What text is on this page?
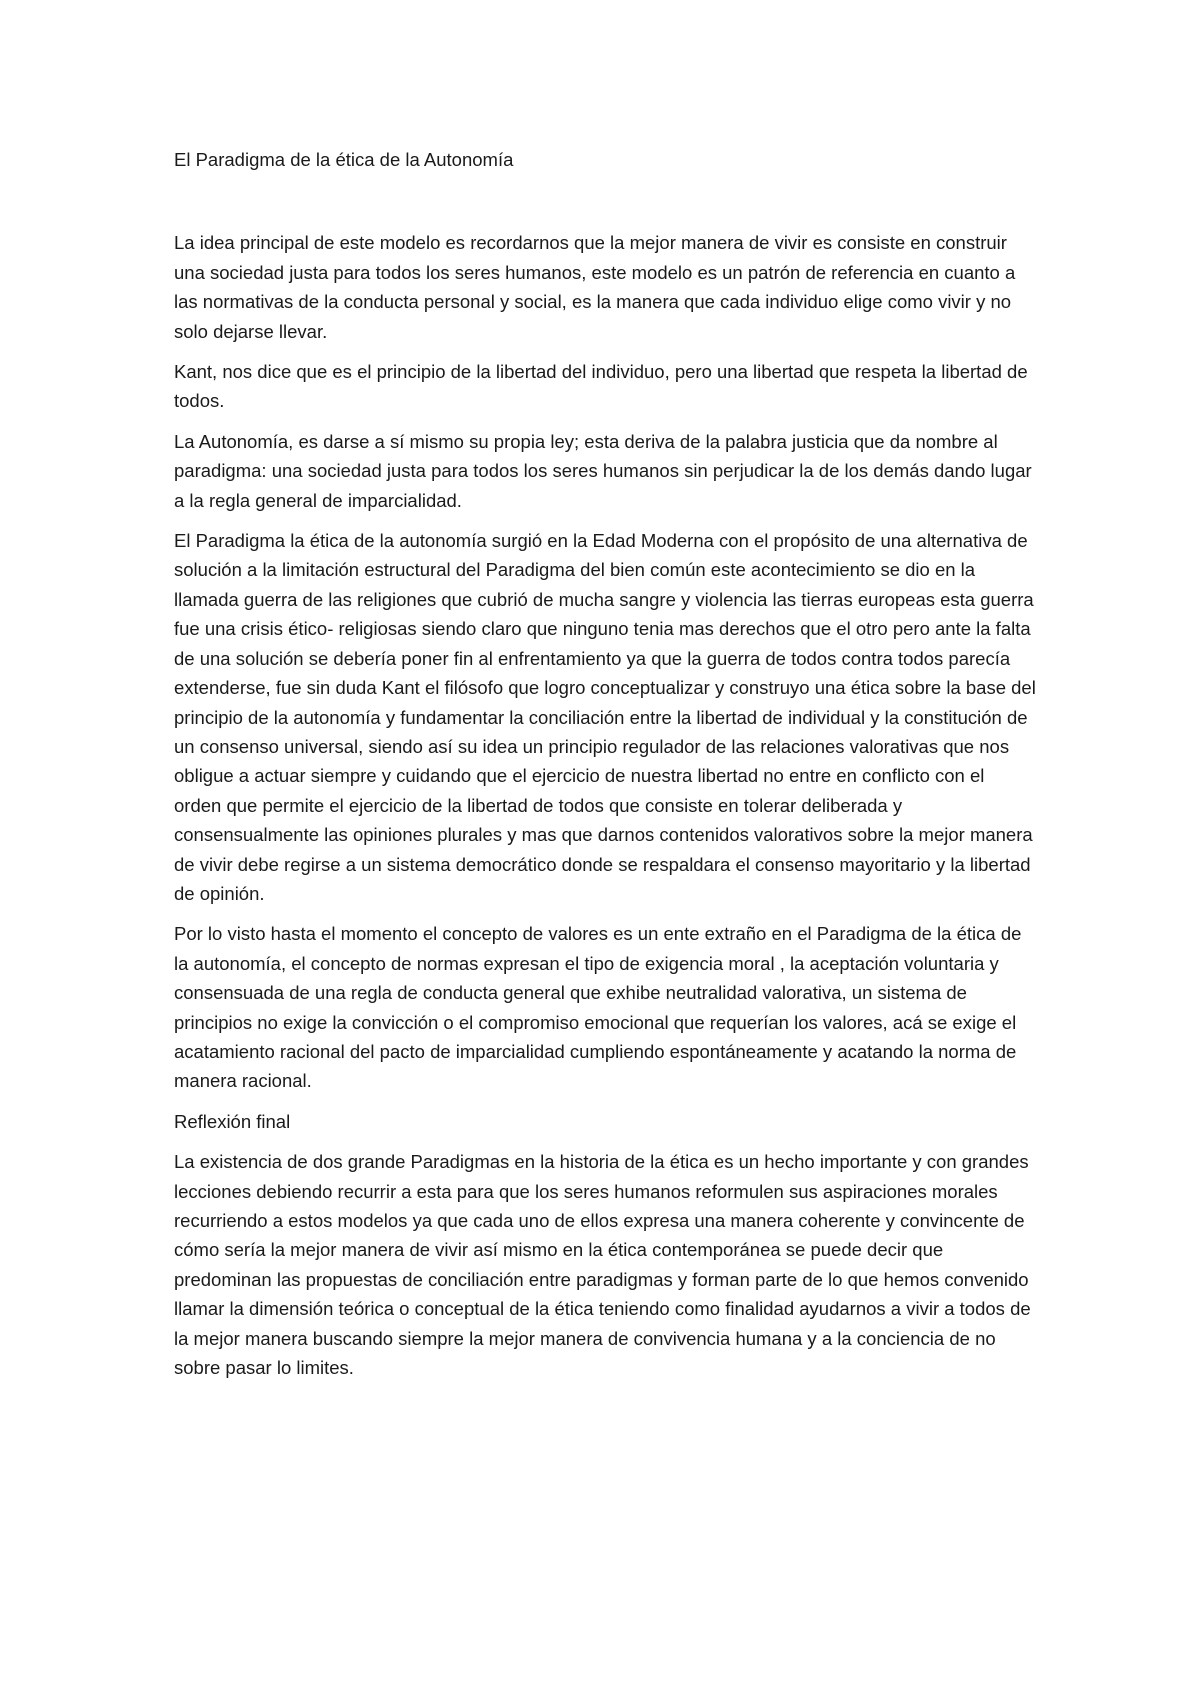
El Paradigma de la ética de la Autonomía

La idea principal de este modelo es recordarnos que la mejor manera de vivir es consiste en construir una sociedad justa para todos los seres humanos, este modelo es un patrón de referencia en cuanto a las normativas de la conducta personal y social, es la manera que cada individuo elige como vivir y no solo dejarse llevar.

Kant, nos dice que es el principio de la libertad del individuo, pero una libertad que respeta la libertad de todos.

La Autonomía, es darse a sí mismo su propia ley; esta deriva de la palabra justicia que da nombre al paradigma: una sociedad justa para todos los seres humanos sin perjudicar la de los demás dando lugar a la regla general de imparcialidad.

El Paradigma la ética de la autonomía surgió en la Edad Moderna con el propósito de una alternativa de solución a la limitación estructural del Paradigma del bien común este acontecimiento se dio en la llamada guerra de las religiones que cubrió de mucha sangre y violencia las tierras europeas esta guerra fue una crisis ético- religiosas siendo claro que ninguno tenia mas derechos que el otro pero ante la falta de una solución se debería poner fin al enfrentamiento ya que la guerra de todos contra todos parecía extenderse, fue sin duda Kant el filósofo que logro conceptualizar y construyo una ética sobre la base del principio de la autonomía y fundamentar la conciliación entre la libertad de individual y la constitución de un consenso universal, siendo así su idea un principio regulador de las relaciones valorativas que nos obligue a actuar siempre y cuidando que el ejercicio de nuestra libertad no entre en conflicto con el orden que permite el ejercicio de la libertad de todos que consiste en tolerar deliberada y consensualmente las opiniones plurales y mas que darnos contenidos valorativos sobre la mejor manera de vivir debe regirse a un sistema democrático donde se respaldara el consenso mayoritario y la libertad de opinión.

Por lo visto hasta el momento el concepto de valores es un ente extraño en el Paradigma de la ética de la autonomía, el concepto de normas expresan el tipo de exigencia moral , la aceptación voluntaria y consensuada de una regla de conducta general que exhibe neutralidad valorativa, un sistema de principios no exige la convicción o el compromiso emocional que requerían los valores, acá se exige el acatamiento racional del pacto de imparcialidad cumpliendo espontáneamente y acatando la norma de manera racional.

Reflexión final

La existencia de dos grande Paradigmas en la historia de la ética es un hecho importante y con grandes lecciones debiendo recurrir a esta para que los seres humanos reformulen sus aspiraciones morales recurriendo a estos modelos ya que cada uno de ellos expresa una manera coherente y convincente de cómo sería la mejor manera de vivir así mismo en la ética contemporánea se puede decir que predominan las propuestas de conciliación entre paradigmas y forman parte de lo que hemos convenido llamar la dimensión teórica o conceptual de la ética teniendo como finalidad ayudarnos a vivir a todos de la mejor manera buscando siempre la mejor manera de convivencia humana y a la conciencia de no sobre pasar lo limites.
